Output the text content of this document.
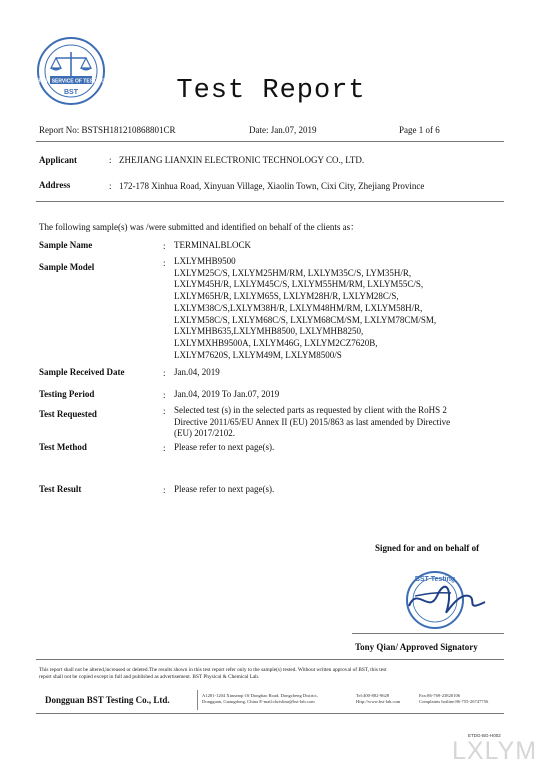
BEST SERVICE OF TESTING
BST	Test Report
Report No: BSTSH181210868801CR	Date: Jan.07, 2019	Page 1 of 6
Applicant	: ZHEJIANG LIANXIN ELECTRONIC TECHNOLOGY CO., LTD.
Address	: 172-178 Xinhua Road, Xinyuan Village, Xiaolin Town, Cixi City, Zhejiang Province
The following sample(s) was /were submitted and identified on behalf of the clients as：
Sample Name	: TERMINALBLOCK
Sample Model	: LXLYMHB9500
LXLYM25C/S, LXLYM25HM/RM, LXLYM35C/S, LYM35H/R,
LXLYM45H/R, LXLYM45C/S, LXLYM55HM/RM, LXLYM55C/S,
LXLYM65H/R, LXLYM65S, LXLYM28H/R, LXLYM28C/S,
LXLYM38C/S,LXLYM38H/R, LXLYM48HM/RM, LXLYM58H/R,
LXLYM58C/S, LXLYM68C/S, LXLYM68CM/SM, LXLYM78CM/SM,
LXLYMHB635,LXLYMHB8500, LXLYMHB8250,
LXLYMXHB9500A, LXLYM46G, LXLYM2CZ7620B,
LXLYM7620S, LXLYM49M, LXLYM8500/S
Sample Received Date	: Jan.04, 2019
Testing Period	: Jan.04, 2019 To Jan.07, 2019
Test Requested	: Selected test (s) in the selected parts as requested by client with the RoHS 2
Directive 2011/65/EU Annex II (EU) 2015/863 as last amended by Directive
(EU) 2017/2102.
Test Method	: Please refer to next page(s).
Test Result	: Please refer to next page(s).
Signed for and on behalf of
BST Testing
Tony Qian/ Approved Signatory
This report shall not be altered,increased or deleted.The results shown in this test report refer only to the sample(s) tested. Without written approval of BST, this test
report shall not be copied except in full and published as advertisement. BST Physical & Chemical Lab.
Dongguan BST Testing Co., Ltd.	A1281-1204 Xinnanqi Of Dongbao Road, Dongcheng District,
Dongguan, Guangdong, China E-mail:chrislina@bst-lab.com
Tel:400-882-9628
Http://www.bst-lab.com
Fax:86-769-23820106
Complaints hotline:86-755-26747756
ETDG-BG-H002
LXLYM
